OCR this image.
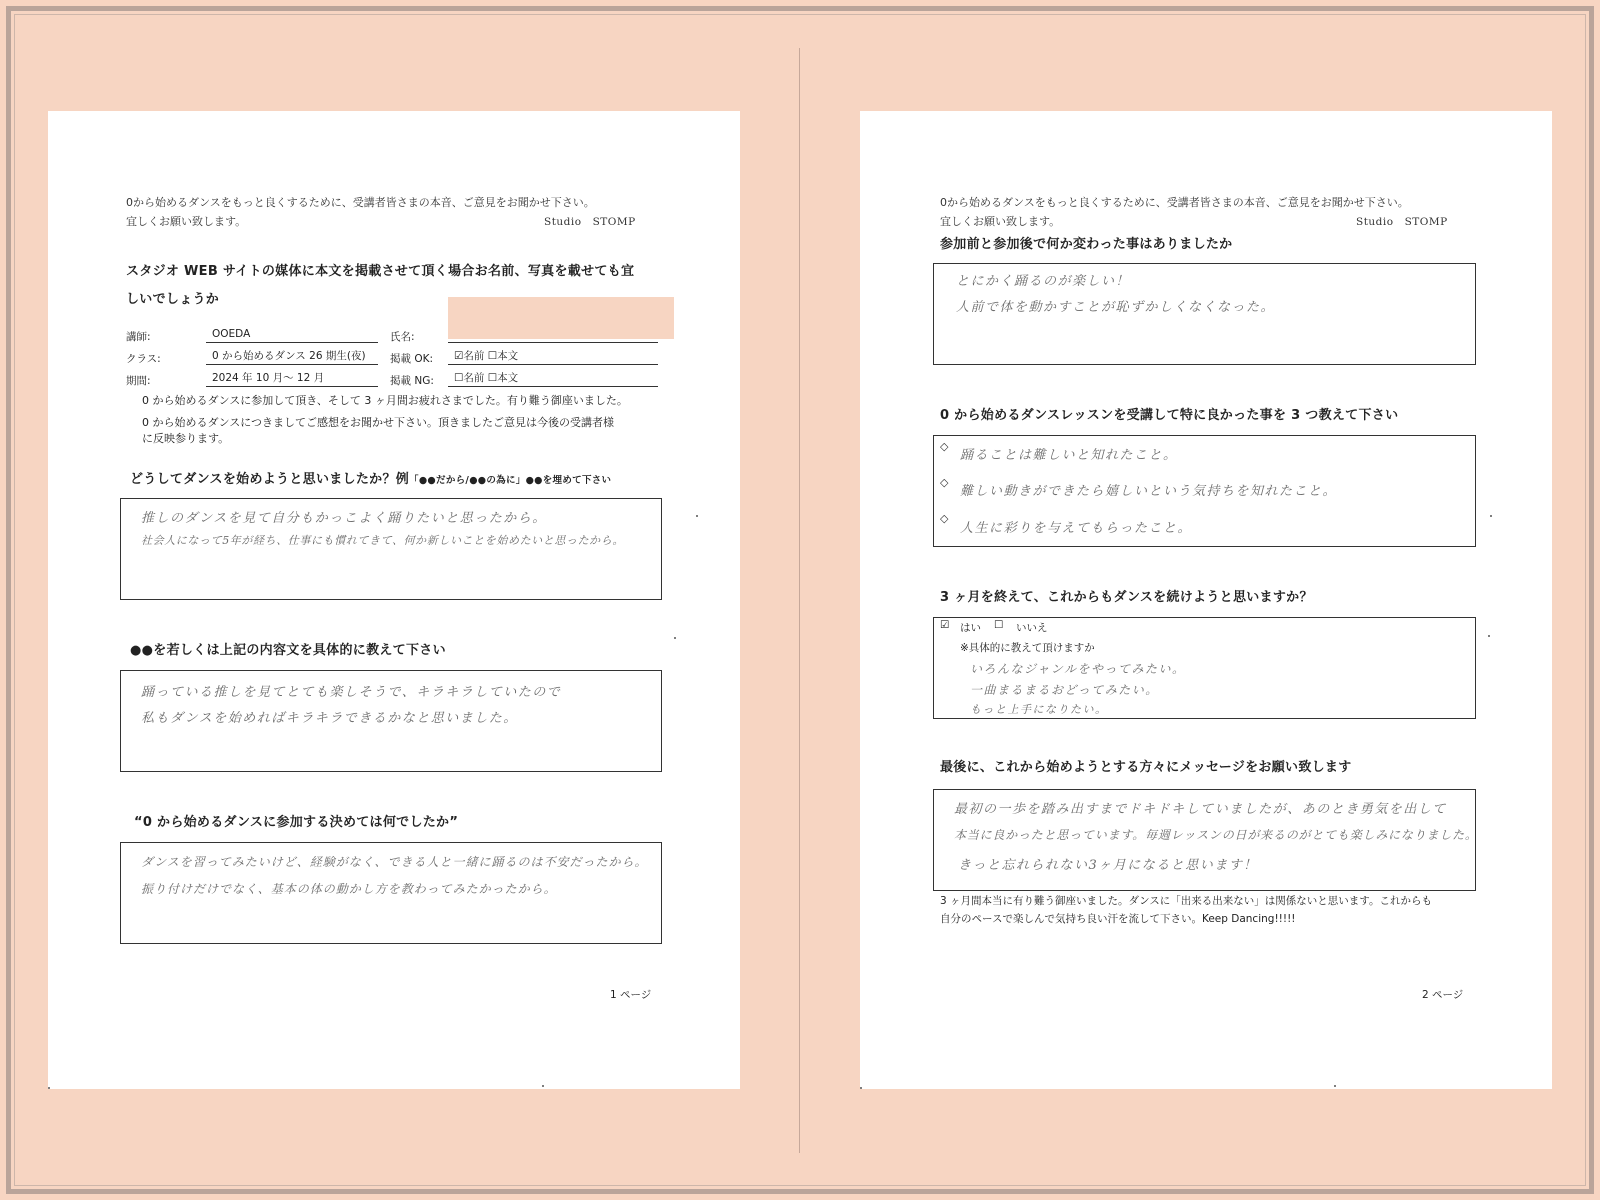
0から始めるダンスをもっと良くするために、受講者皆さまの本音、ご意見をお聞かせ下さい。
宜しくお願い致します。	Studio　STOMP
スタジオ WEB サイトの媒体に本文を掲載させて頂く場合お名前、写真を載せても宜
しいでしょうか
講師:	OOEDA	氏名:
クラス:	0 から始めるダンス 26 期生(夜)	掲載 OK:	☑名前 ☐本文
期間:	2024 年 10 月～ 12 月	掲載 NG:	☐名前 ☐本文
0 から始めるダンスに参加して頂き、そして 3 ヶ月間お疲れさまでした。有り難う御座いました。
0 から始めるダンスにつきましてご感想をお聞かせ下さい。頂きましたご意見は今後の受講者様
に反映参ります。
どうしてダンスを始めようと思いましたか？例「●●だから/●●の為に」●●を埋めて下さい
推しのダンスを見て自分もかっこよく踊りたいと思ったから。
社会人になって5年が経ち、仕事にも慣れてきて、何か新しいことを始めたいと思ったから。
●●を若しくは上記の内容文を具体的に教えて下さい
踊っている推しを見てとても楽しそうで、キラキラしていたので
私もダンスを始めればキラキラできるかなと思いました。
“0 から始めるダンスに参加する決めては何でしたか”
ダンスを習ってみたいけど、経験がなく、できる人と一緒に踊るのは不安だったから。
振り付けだけでなく、基本の体の動かし方を教わってみたかったから。
1 ページ
0から始めるダンスをもっと良くするために、受講者皆さまの本音、ご意見をお聞かせ下さい。
宜しくお願い致します。	Studio　STOMP
参加前と参加後で何か変わった事はありましたか
とにかく踊るのが楽しい！
人前で体を動かすことが恥ずかしくなくなった。
0 から始めるダンスレッスンを受講して特に良かった事を 3 つ教えて下さい
◇
踊ることは難しいと知れたこと。
◇
難しい動きができたら嬉しいという気持ちを知れたこと。
◇
人生に彩りを与えてもらったこと。
3 ヶ月を終えて、これからもダンスを続けようと思いますか？
☑ はい ☐ いいえ
※具体的に教えて頂けますか
いろんなジャンルをやってみたい。
一曲まるまるおどってみたい。
もっと上手になりたい。
最後に、これから始めようとする方々にメッセージをお願い致します
最初の一歩を踏み出すまでドキドキしていましたが、あのとき勇気を出して
本当に良かったと思っています。毎週レッスンの日が来るのがとても楽しみになりました。
きっと忘れられない3ヶ月になると思います！
3 ヶ月間本当に有り難う御座いました。ダンスに「出来る出来ない」は関係ないと思います。これからも
自分のペースで楽しんで気持ち良い汗を流して下さい。Keep Dancing!!!!!
2 ページ
